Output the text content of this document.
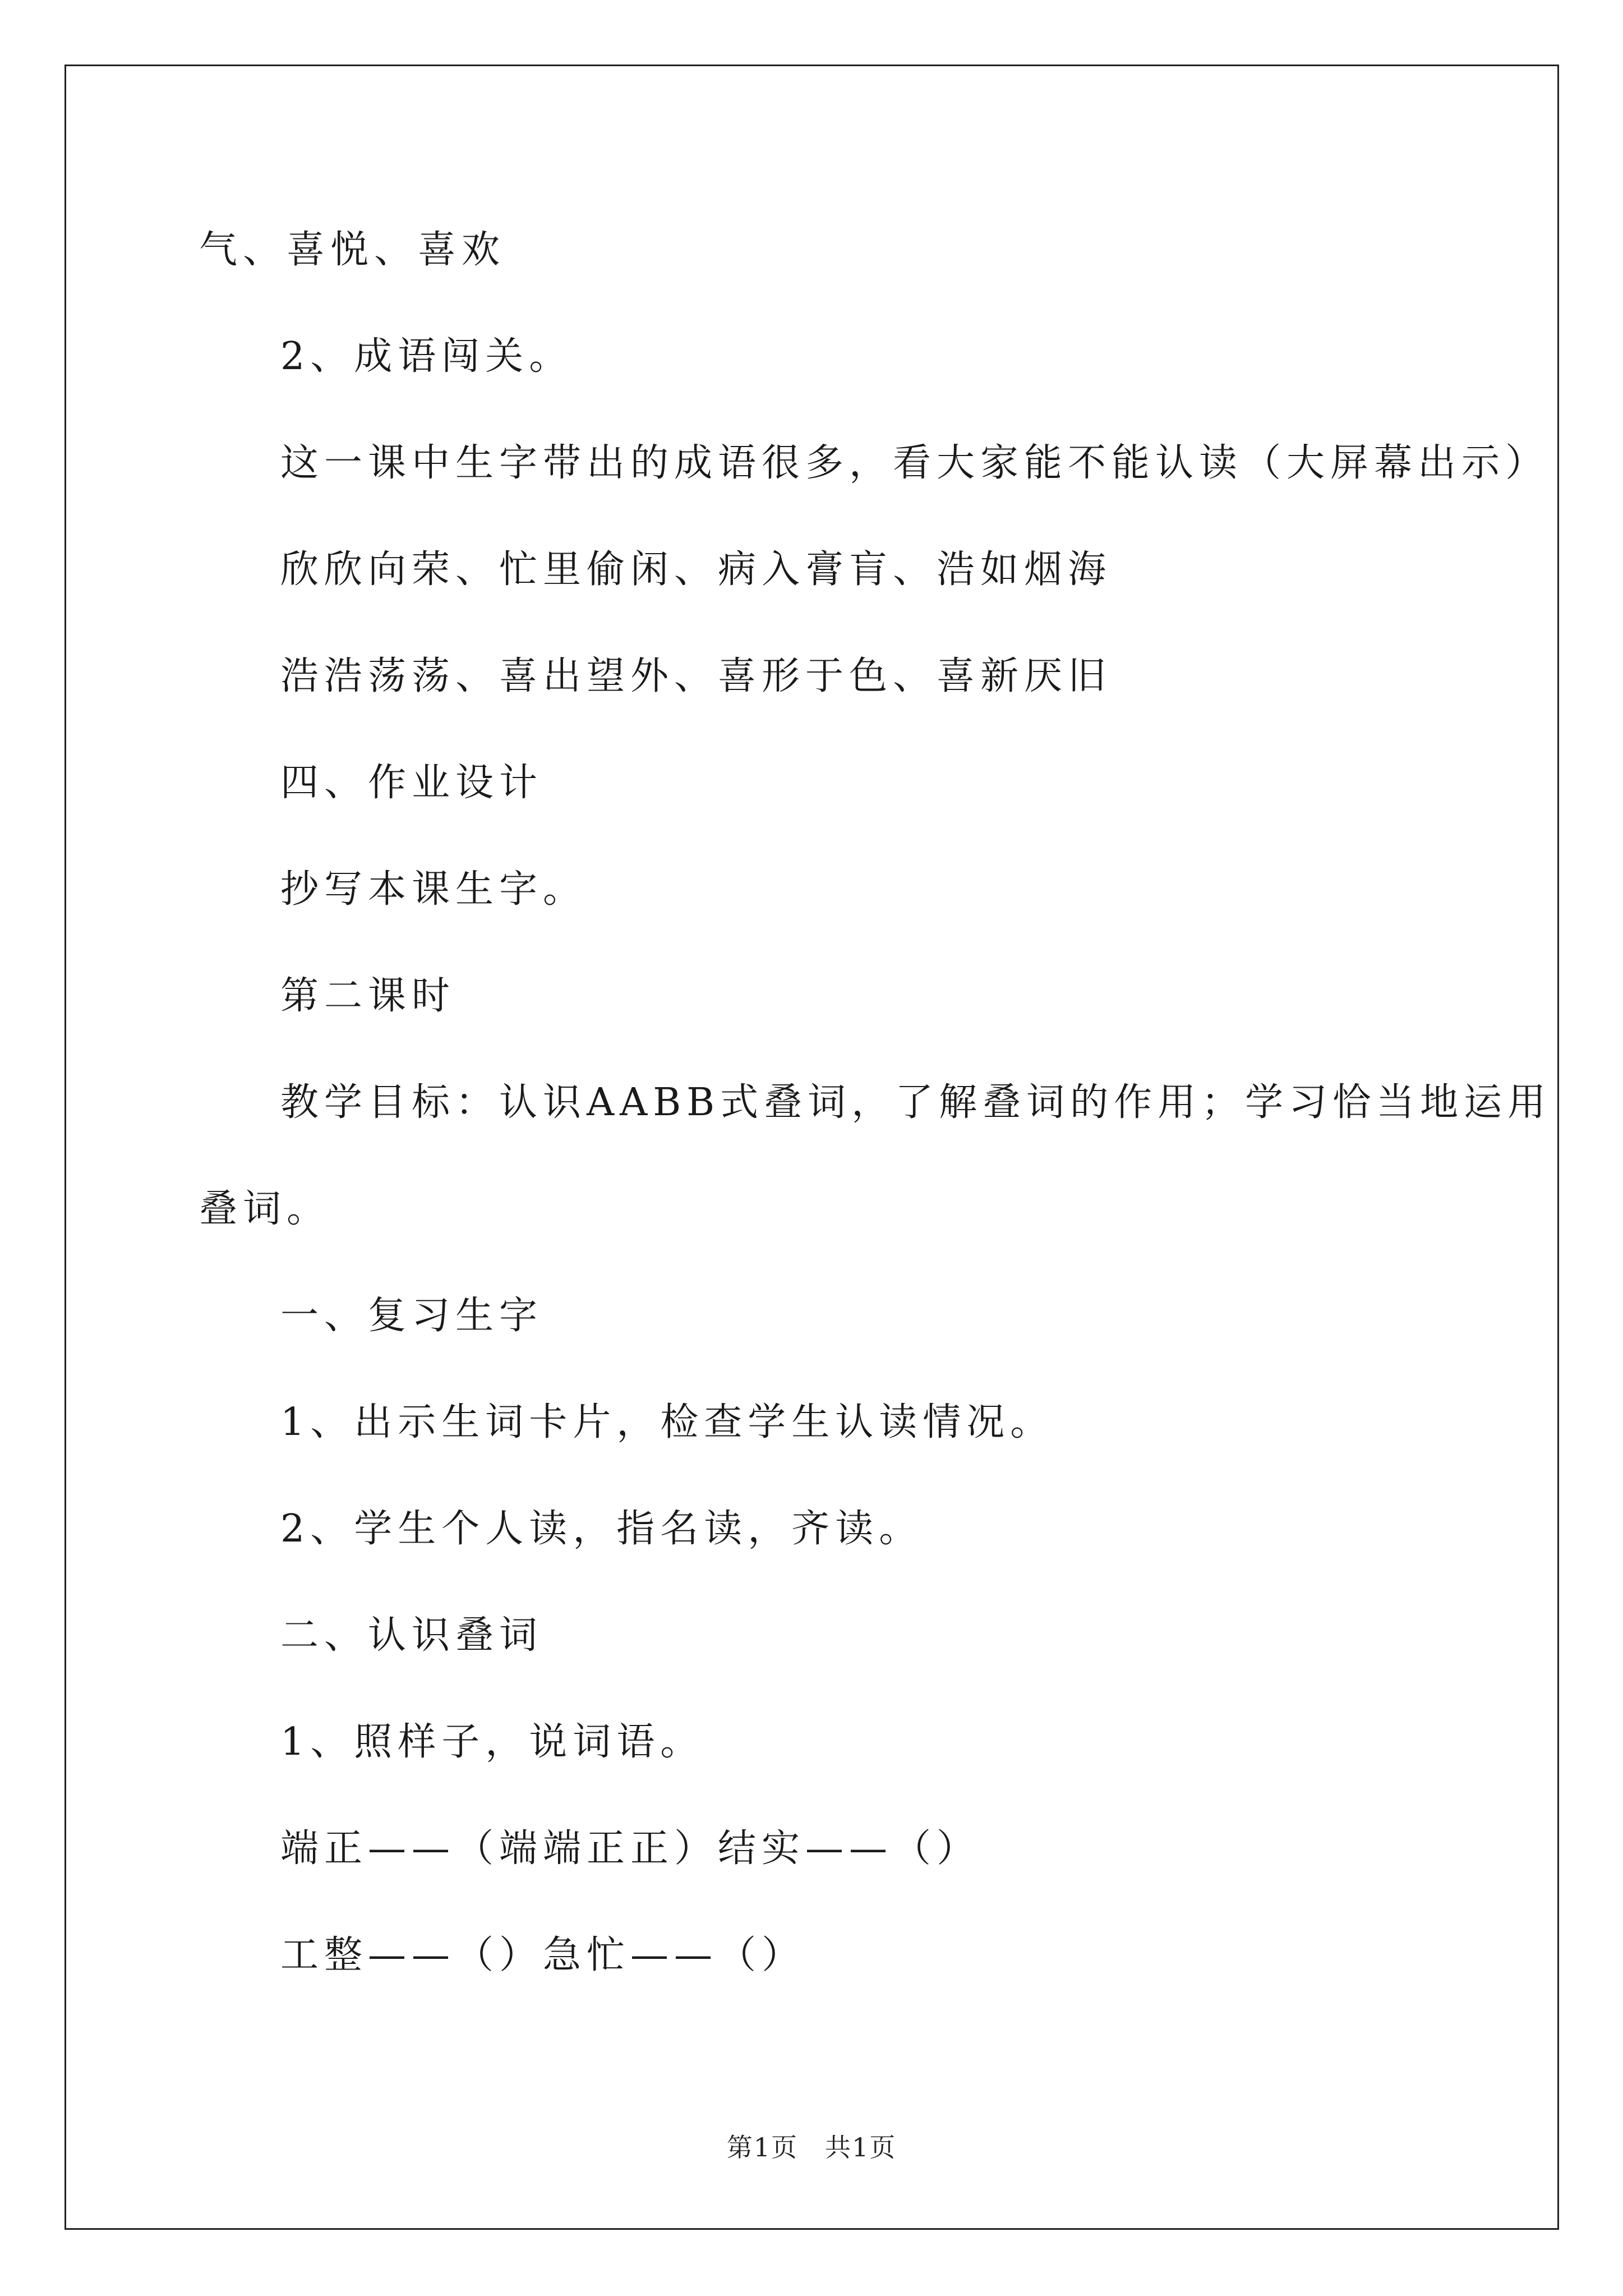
气、喜悦、喜欢
2、成语闯关。
这一课中生字带出的成语很多，看大家能不能认读（大屏幕出示）
欣欣向荣、忙里偷闲、病入膏肓、浩如烟海
浩浩荡荡、喜出望外、喜形于色、喜新厌旧
四、作业设计
抄写本课生字。
第二课时
教学目标：认识AABB式叠词，了解叠词的作用；学习恰当地运用
叠词。
一、复习生字
1、出示生词卡片，检查学生认读情况。
2、学生个人读，指名读，齐读。
二、认识叠词
1、照样子，说词语。
端正——（端端正正）结实——（）
工整——（）急忙——（）
第1页　共1页
